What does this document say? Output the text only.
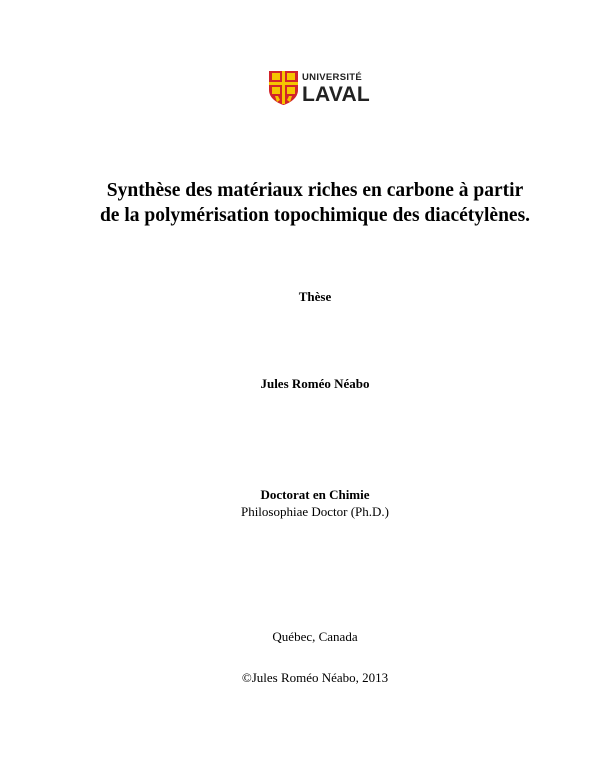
UNIVERSITÉ
LAVAL
Synthèse des matériaux riches en carbone à partir
de la polymérisation topochimique des diacétylènes.
Thèse
Jules Roméo Néabo
Doctorat en Chimie
Philosophiae Doctor (Ph.D.)
Québec, Canada
©Jules Roméo Néabo, 2013
